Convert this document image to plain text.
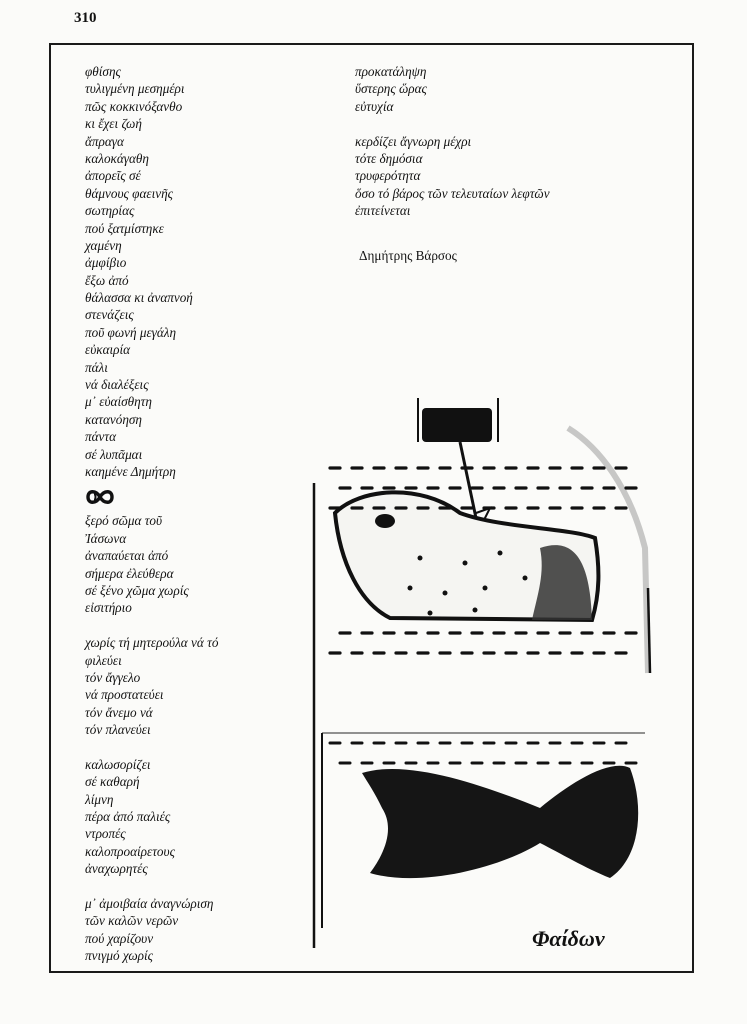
310
φθίσης
τυλιγμένη μεσημέρι
πῶς κοκκινόξανθο
κι ἔχει ζωή
ἄπραγα
καλοκάγαθη
ἀπορεῖς σέ
θάμνους φαεινῆς
σωτηρίας
πού ξατμίστηκε
χαμένη
ἀμφίβιο
ἔξω ἀπό
θάλασσα κι ἀναπνοή
στενάζεις
ποῦ φωνή μεγάλη
εὐκαιρία
πάλι
νά διαλέξεις
μ᾿ εὐαίσθητη
κατανόηση
πάντα
σέ λυπᾶμαι
καημένε Δημήτρη
ξερό σῶμα τοῦ
Ἰάσωνα
ἀναπαύεται ἀπό
σήμερα ἐλεύθερα
σέ ξένο χῶμα χωρίς
εἰσιτήριο
χωρίς τή μητερούλα νά τό
φιλεύει
τόν ἄγγελο
νά προστατεύει
τόν ἄνεμο νά
τόν πλανεύει
καλωσορίζει
σέ καθαρή
λίμνη
πέρα ἀπό παλιές
ντροπές
καλοπροαίρετους
ἀναχωρητές
μ᾿ ἀμοιβαία ἀναγνώριση
τῶν καλῶν νερῶν
πού χαρίζουν
πνιγμό χωρίς
προκατάληψη
ὕστερης ὥρας
εὐτυχία
κερδίζει ἄγνωρη μέχρι
τότε δημόσια
τρυφερότητα
ὅσο τό βάρος τῶν τελευταίων λεφτῶν
ἐπιτείνεται
Δημήτρης Βάρσος
Φαίδων
